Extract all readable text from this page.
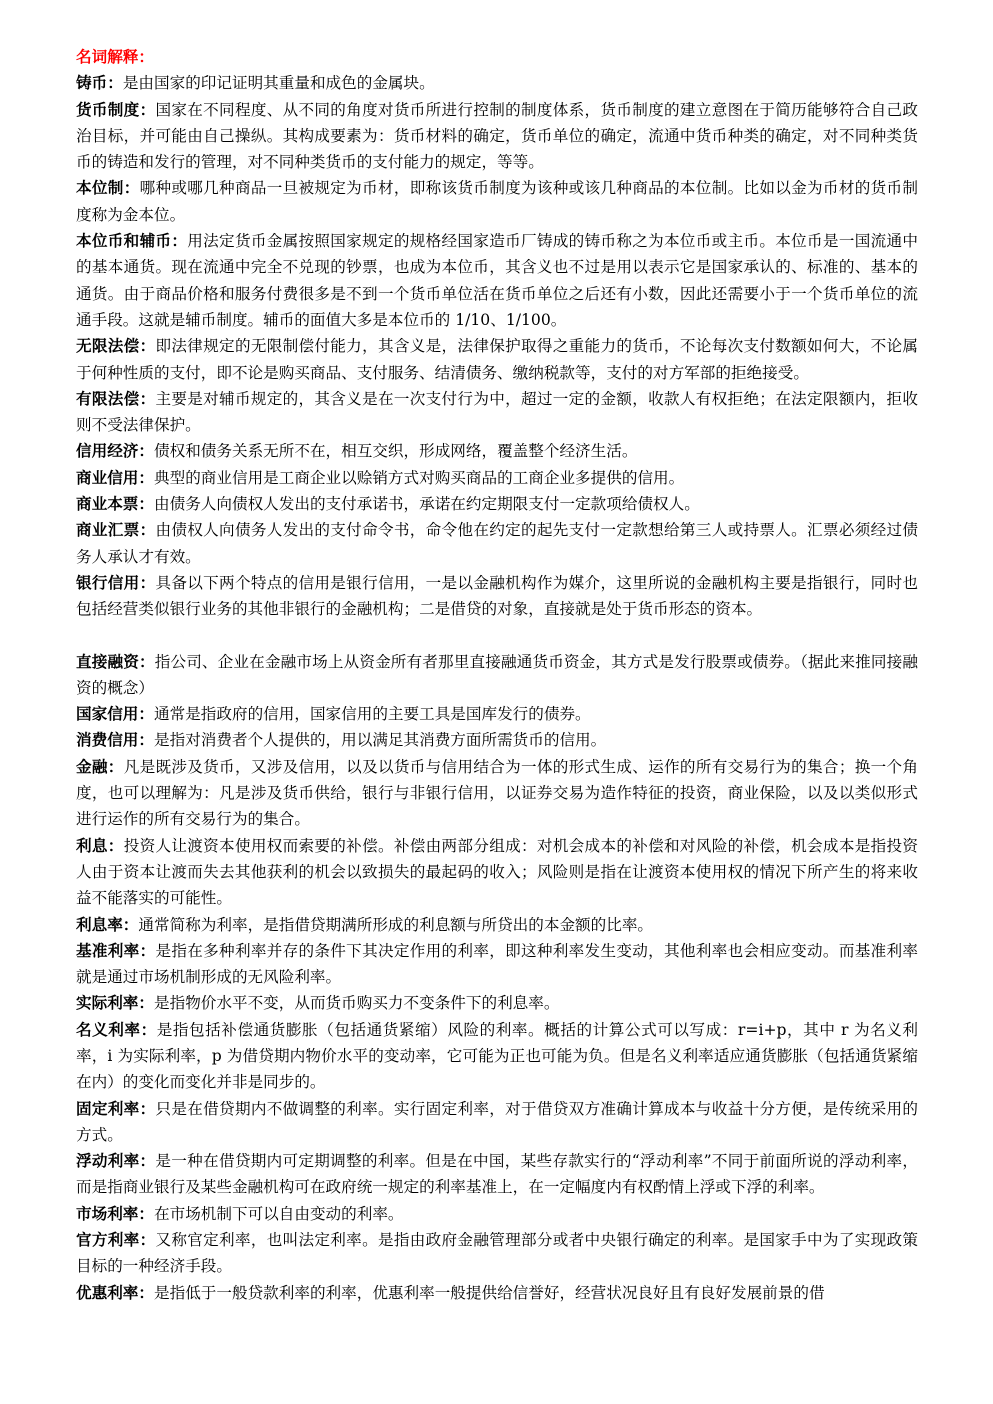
名词解释：

铸币：是由国家的印记证明其重量和成色的金属块。

货币制度：国家在不同程度、从不同的角度对货币所进行控制的制度体系，货币制度的建立意图在于简历能够符合自己政治目标，并可能由自己操纵。其构成要素为：货币材料的确定，货币单位的确定，流通中货币种类的确定，对不同种类货币的铸造和发行的管理，对不同种类货币的支付能力的规定，等等。

本位制：哪种或哪几种商品一旦被规定为币材，即称该货币制度为该种或该几种商品的本位制。比如以金为币材的货币制度称为金本位。

本位币和辅币：用法定货币金属按照国家规定的规格经国家造币厂铸成的铸币称之为本位币或主币。本位币是一国流通中的基本通货。现在流通中完全不兑现的钞票，也成为本位币，其含义也不过是用以表示它是国家承认的、标准的、基本的通货。由于商品价格和服务付费很多是不到一个货币单位活在货币单位之后还有小数，因此还需要小于一个货币单位的流通手段。这就是辅币制度。辅币的面值大多是本位币的 1/10、1/100。

无限法偿：即法律规定的无限制偿付能力，其含义是，法律保护取得之重能力的货币，不论每次支付数额如何大，不论属于何种性质的支付，即不论是购买商品、支付服务、结清债务、缴纳税款等，支付的对方军部的拒绝接受。

有限法偿：主要是对辅币规定的，其含义是在一次支付行为中，超过一定的金额，收款人有权拒绝；在法定限额内，拒收则不受法律保护。

信用经济：债权和债务关系无所不在，相互交织，形成网络，覆盖整个经济生活。

商业信用：典型的商业信用是工商企业以赊销方式对购买商品的工商企业多提供的信用。

商业本票：由债务人向债权人发出的支付承诺书，承诺在约定期限支付一定款项给债权人。

商业汇票：由债权人向债务人发出的支付命令书，命令他在约定的起先支付一定款想给第三人或持票人。汇票必须经过债务人承认才有效。

银行信用：具备以下两个特点的信用是银行信用，一是以金融机构作为媒介，这里所说的金融机构主要是指银行，同时也包括经营类似银行业务的其他非银行的金融机构；二是借贷的对象，直接就是处于货币形态的资本。

直接融资：指公司、企业在金融市场上从资金所有者那里直接融通货币资金，其方式是发行股票或债券。（据此来推同接融资的概念）

国家信用：通常是指政府的信用，国家信用的主要工具是国库发行的债券。

消费信用：是指对消费者个人提供的，用以满足其消费方面所需货币的信用。

金融：凡是既涉及货币，又涉及信用，以及以货币与信用结合为一体的形式生成、运作的所有交易行为的集合；换一个角度，也可以理解为：凡是涉及货币供给，银行与非银行信用，以证券交易为造作特征的投资，商业保险，以及以类似形式进行运作的所有交易行为的集合。

利息：投资人让渡资本使用权而索要的补偿。补偿由两部分组成：对机会成本的补偿和对风险的补偿，机会成本是指投资人由于资本让渡而失去其他获利的机会以致损失的最起码的收入；风险则是指在让渡资本使用权的情况下所产生的将来收益不能落实的可能性。

利息率：通常简称为利率，是指借贷期满所形成的利息额与所贷出的本金额的比率。

基准利率：是指在多种利率并存的条件下其决定作用的利率，即这种利率发生变动，其他利率也会相应变动。而基准利率就是通过市场机制形成的无风险利率。

实际利率：是指物价水平不变，从而货币购买力不变条件下的利息率。

名义利率：是指包括补偿通货膨胀（包括通货紧缩）风险的利率。概括的计算公式可以写成：r=i+p，其中 r 为名义利率，i 为实际利率，p 为借贷期内物价水平的变动率，它可能为正也可能为负。但是名义利率适应通货膨胀（包括通货紧缩在内）的变化而变化并非是同步的。

固定利率：只是在借贷期内不做调整的利率。实行固定利率，对于借贷双方准确计算成本与收益十分方便，是传统采用的方式。

浮动利率：是一种在借贷期内可定期调整的利率。但是在中国，某些存款实行的“浮动利率”不同于前面所说的浮动利率，而是指商业银行及某些金融机构可在政府统一规定的利率基准上，在一定幅度内有权酌情上浮或下浮的利率。

市场利率：在市场机制下可以自由变动的利率。

官方利率：又称官定利率，也叫法定利率。是指由政府金融管理部分或者中央银行确定的利率。是国家手中为了实现政策目标的一种经济手段。

优惠利率：是指低于一般贷款利率的利率，优惠利率一般提供给信誉好，经营状况良好且有良好发展前景的借
